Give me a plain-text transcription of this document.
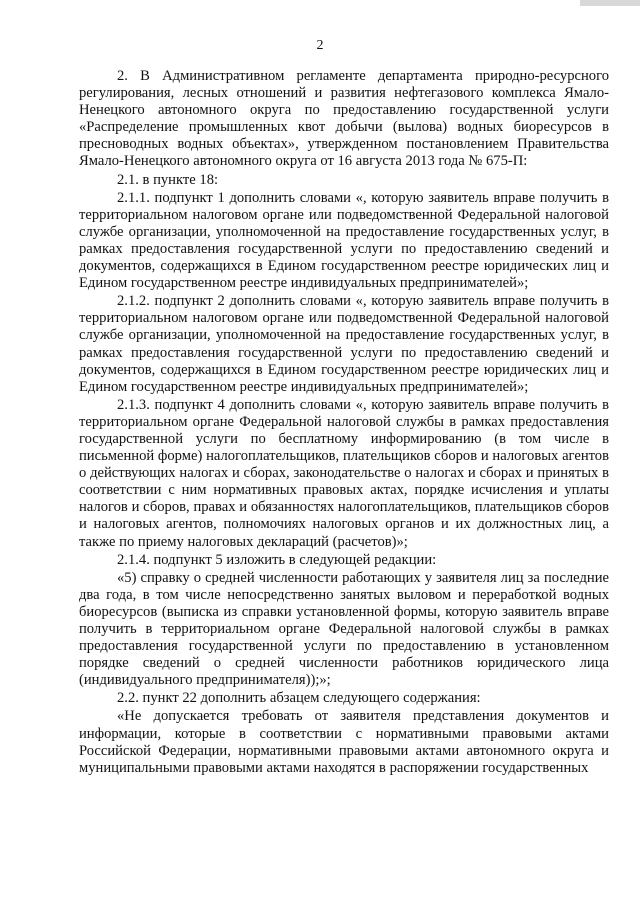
2

2. В Административном регламенте департамента природно-ресурсного регулирования, лесных отношений и развития нефтегазового комплекса Ямало-Ненецкого автономного округа по предоставлению государственной услуги «Распределение промышленных квот добычи (вылова) водных биоресурсов в пресноводных водных объектах», утвержденном постановлением Правительства Ямало-Ненецкого автономного округа от 16 августа 2013 года № 675-П:

2.1. в пункте 18:

2.1.1. подпункт 1 дополнить словами «, которую заявитель вправе получить в территориальном налоговом органе или подведомственной Федеральной налоговой службе организации, уполномоченной на предоставление государственных услуг, в рамках предоставления государственной услуги по предоставлению сведений и документов, содержащихся в Едином государственном реестре юридических лиц и Едином государственном реестре индивидуальных предпринимателей»;

2.1.2. подпункт 2 дополнить словами «, которую заявитель вправе получить в территориальном налоговом органе или подведомственной Федеральной налоговой службе организации, уполномоченной на предоставление государственных услуг, в рамках предоставления государственной услуги по предоставлению сведений и документов, содержащихся в Едином государственном реестре юридических лиц и Едином государственном реестре индивидуальных предпринимателей»;

2.1.3. подпункт 4 дополнить словами «, которую заявитель вправе получить в территориальном органе Федеральной налоговой службы в рамках предоставления государственной услуги по бесплатному информированию (в том числе в письменной форме) налогоплательщиков, плательщиков сборов и налоговых агентов о действующих налогах и сборах, законодательстве о налогах и сборах и принятых в соответствии с ним нормативных правовых актах, порядке исчисления и уплаты налогов и сборов, правах и обязанностях налогоплательщиков, плательщиков сборов и налоговых агентов, полномочиях налоговых органов и их должностных лиц, а также по приему налоговых деклараций (расчетов)»;

2.1.4. подпункт 5 изложить в следующей редакции:

«5) справку о средней численности работающих у заявителя лиц за последние два года, в том числе непосредственно занятых выловом и переработкой водных биоресурсов (выписка из справки установленной формы, которую заявитель вправе получить в территориальном органе Федеральной налоговой службы в рамках предоставления государственной услуги по предоставлению в установленном порядке сведений о средней численности работников юридического лица (индивидуального предпринимателя));»;

2.2. пункт 22 дополнить абзацем следующего содержания:

«Не допускается требовать от заявителя представления документов и информации, которые в соответствии с нормативными правовыми актами Российской Федерации, нормативными правовыми актами автономного округа и муниципальными правовыми актами находятся в распоряжении государственных
